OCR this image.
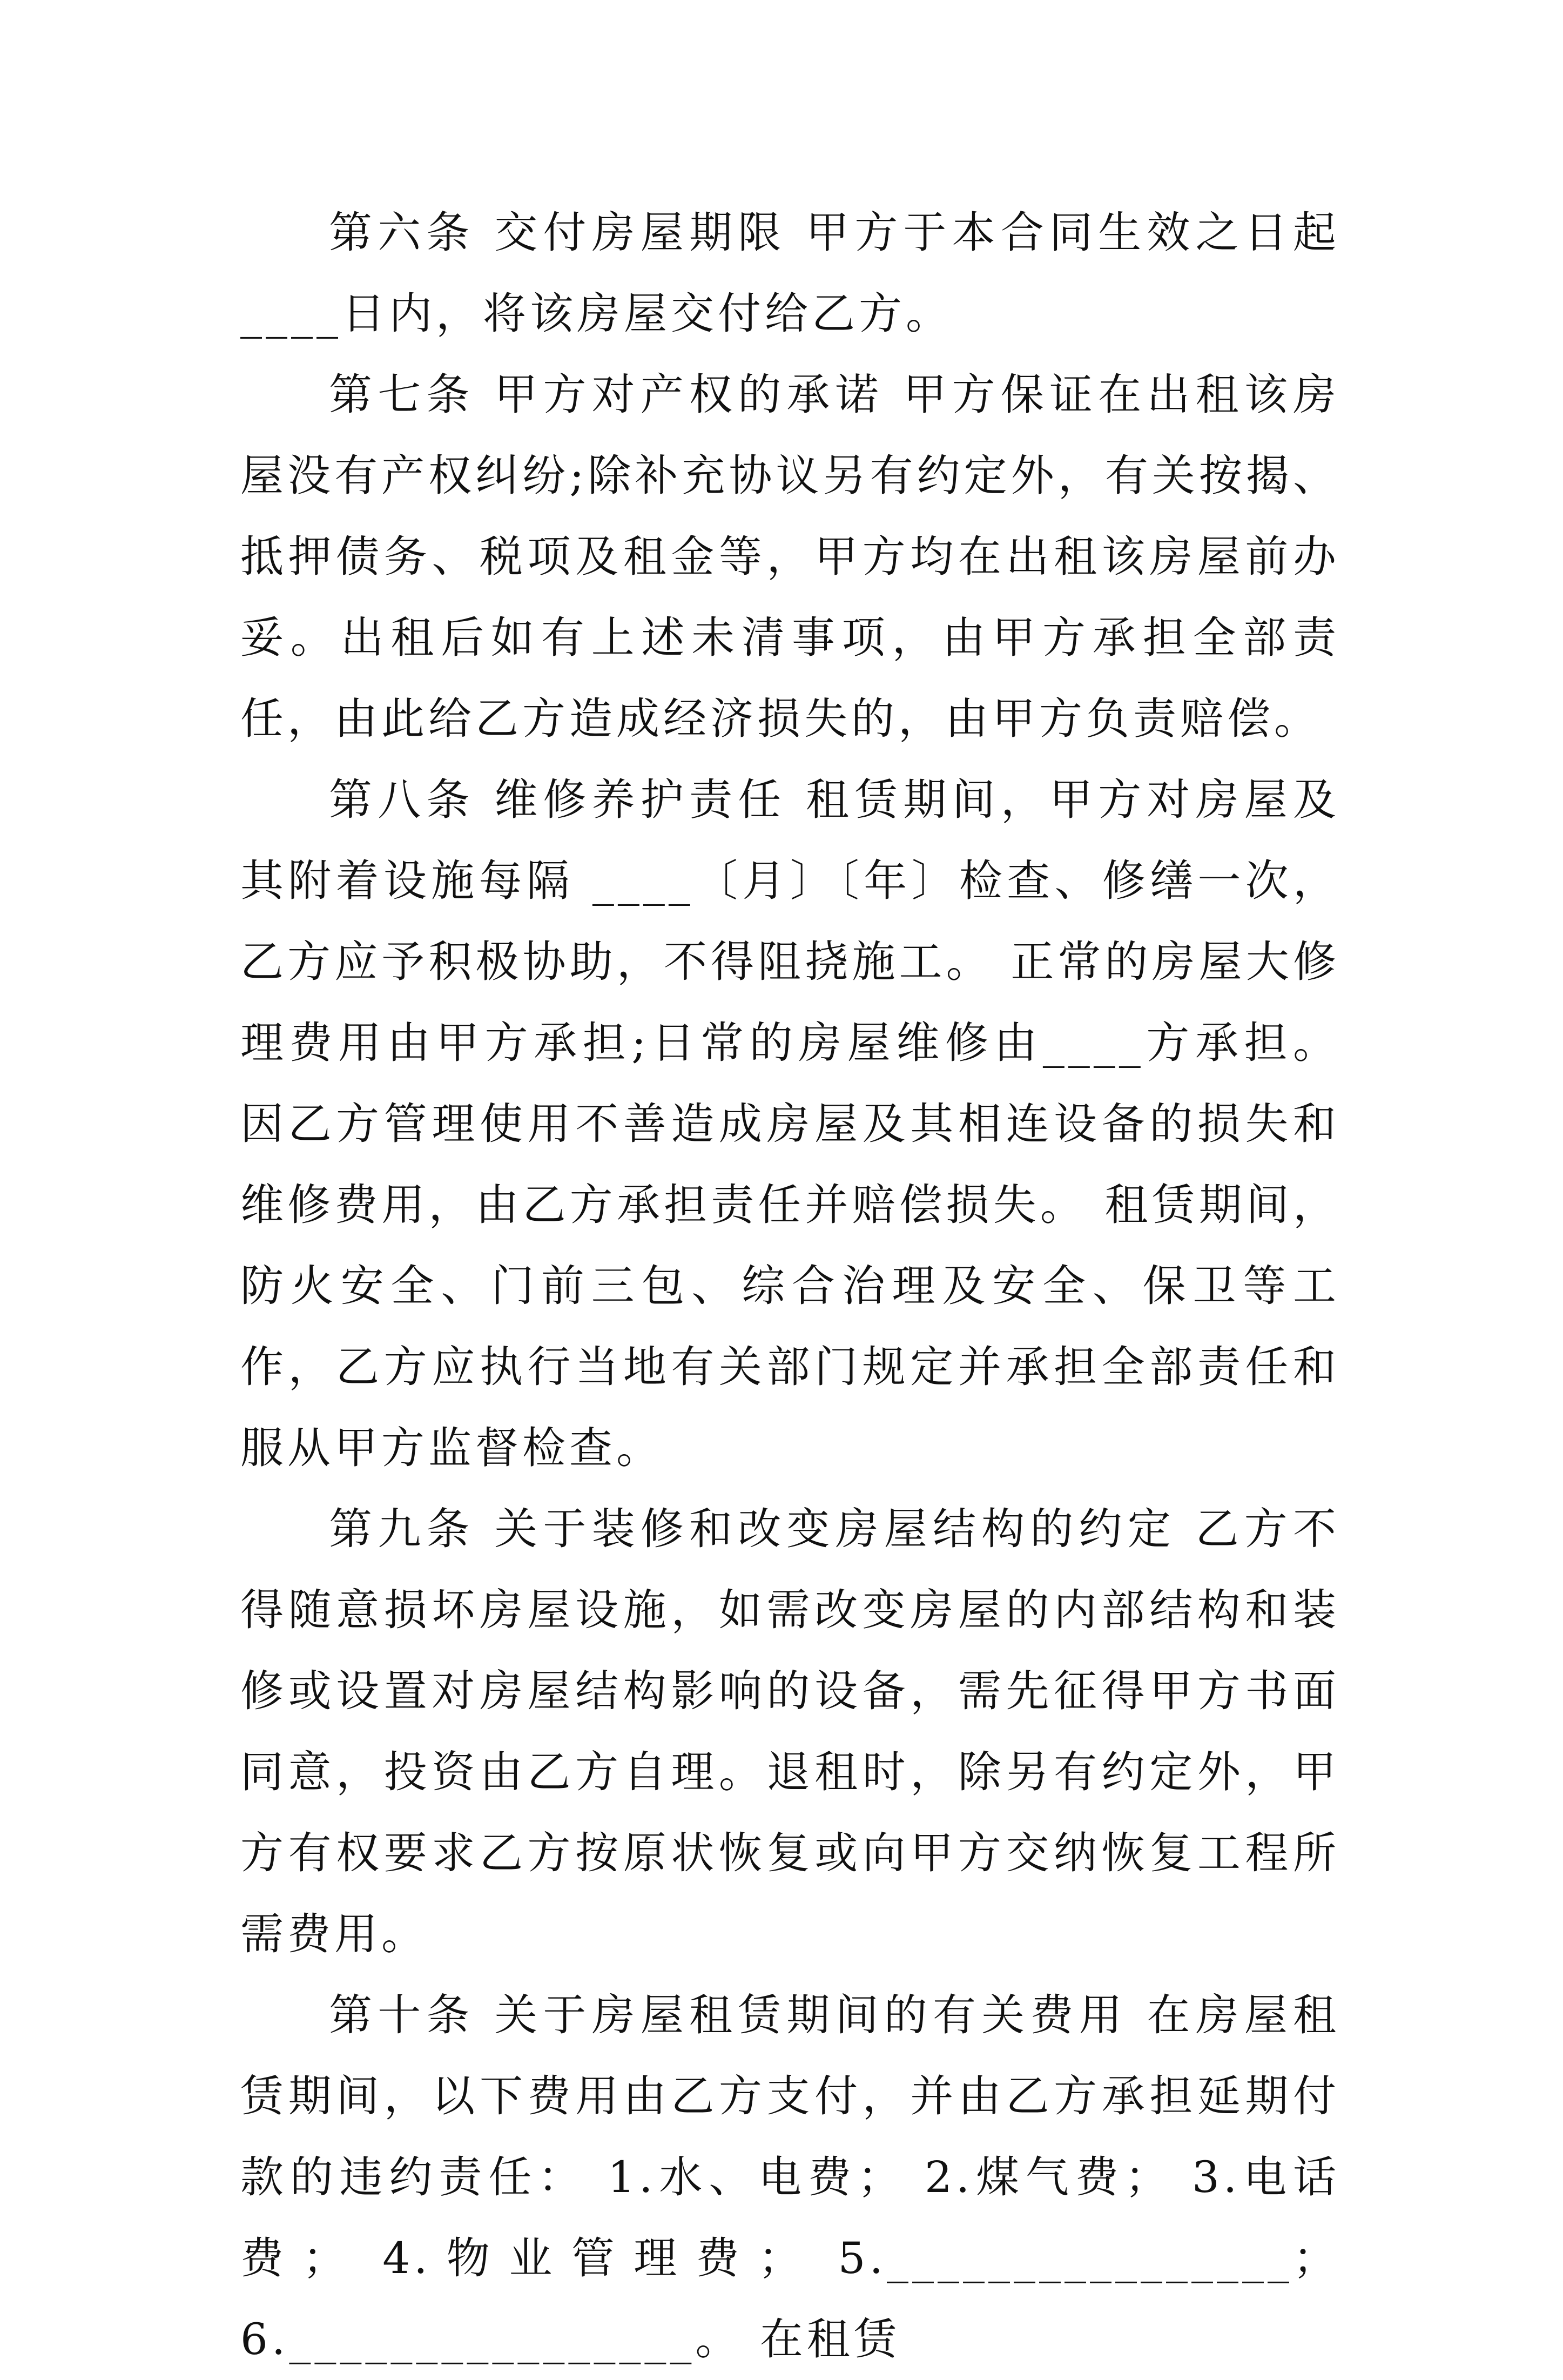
第六条 交付房屋期限 甲方于本合同生效之日起____日内，将该房屋交付给乙方。

第七条 甲方对产权的承诺 甲方保证在出租该房屋没有产权纠纷;除补充协议另有约定外，有关按揭、抵押债务、税项及租金等，甲方均在出租该房屋前办妥。出租后如有上述未清事项，由甲方承担全部责任，由此给乙方造成经济损失的，由甲方负责赔偿。

第八条 维修养护责任 租赁期间，甲方对房屋及其附着设施每隔 ____〔月〕〔年〕检查、修缮一次，乙方应予积极协助，不得阻挠施工。 正常的房屋大修理费用由甲方承担;日常的房屋维修由____方承担。 因乙方管理使用不善造成房屋及其相连设备的损失和维修费用，由乙方承担责任并赔偿损失。 租赁期间，防火安全、门前三包、综合治理及安全、保卫等工作，乙方应执行当地有关部门规定并承担全部责任和服从甲方监督检查。

第九条 关于装修和改变房屋结构的约定 乙方不得随意损坏房屋设施，如需改变房屋的内部结构和装修或设置对房屋结构影响的设备，需先征得甲方书面同意，投资由乙方自理。退租时，除另有约定外，甲方有权要求乙方按原状恢复或向甲方交纳恢复工程所需费用。

第十条 关于房屋租赁期间的有关费用 在房屋租赁期间，以下费用由乙方支付，并由乙方承担延期付款的违约责任： 1.水、电费； 2.煤气费； 3.电话费； 4.物业管理费； 5.________________； 6.________________。 在租赁
